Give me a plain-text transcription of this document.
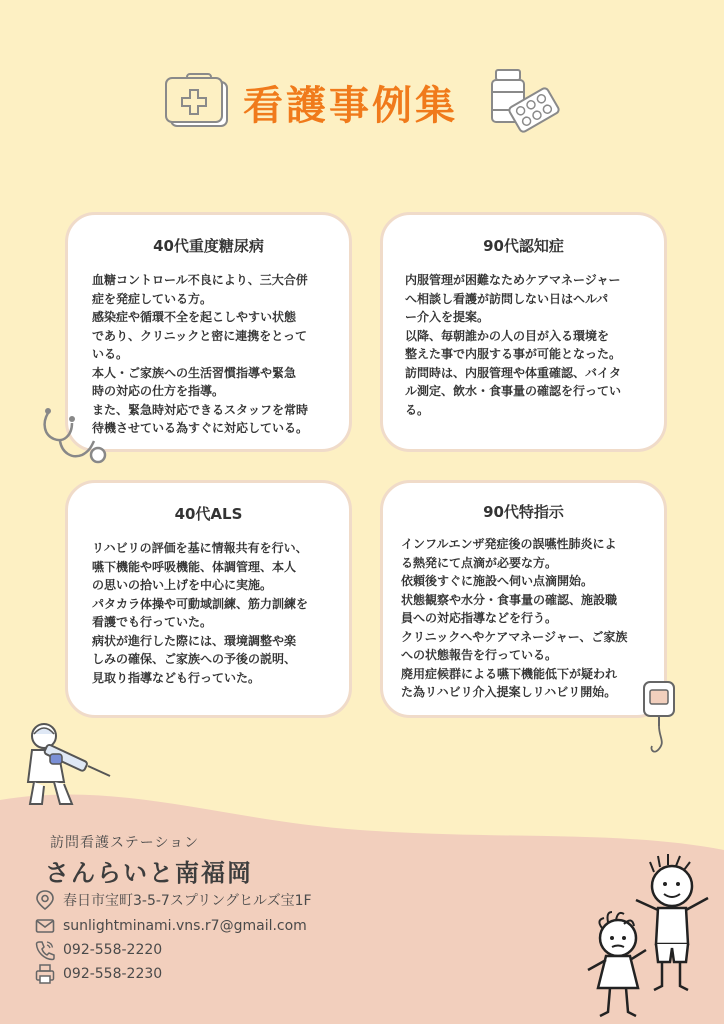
看護事例集
40代重度糖尿病

血糖コントロール不良により、三大合併

症を発症している方。

感染症や循環不全を起こしやすい状態

であり、クリニックと密に連携をとって

いる。

本人・ご家族への生活習慣指導や緊急

時の対応の仕方を指導。

また、緊急時対応できるスタッフを常時

待機させている為すぐに対応している。

90代認知症

内服管理が困難なためケアマネージャー

へ相談し看護が訪問しない日はヘルパ

ー介入を提案。

以降、毎朝誰かの人の目が入る環境を

整えた事で内服する事が可能となった。

訪問時は、内服管理や体重確認、バイタ

ル測定、飲水・食事量の確認を行ってい

る。

40代ALS

リハビリの評価を基に情報共有を行い、

嚥下機能や呼吸機能、体調管理、本人

の思いの拾い上げを中心に実施。

パタカラ体操や可動域訓練、筋力訓練を

看護でも行っていた。

病状が進行した際には、環境調整や楽

しみの確保、ご家族への予後の説明、

見取り指導なども行っていた。

90代特指示

インフルエンザ発症後の誤嚥性肺炎によ

る熱発にて点滴が必要な方。

依頼後すぐに施設へ伺い点滴開始。

状態観察や水分・食事量の確認、施設職

員への対応指導などを行う。

クリニックへやケアマネージャー、ご家族

への状態報告を行っている。

廃用症候群による嚥下機能低下が疑われ

た為リハビリ介入提案しリハビリ開始。

訪問看護ステーション
さんらいと南福岡
春日市宝町3-5-7スプリングヒルズ宝1F
sunlightminami.vns.r7@gmail.com
092-558-2220
092-558-2230
